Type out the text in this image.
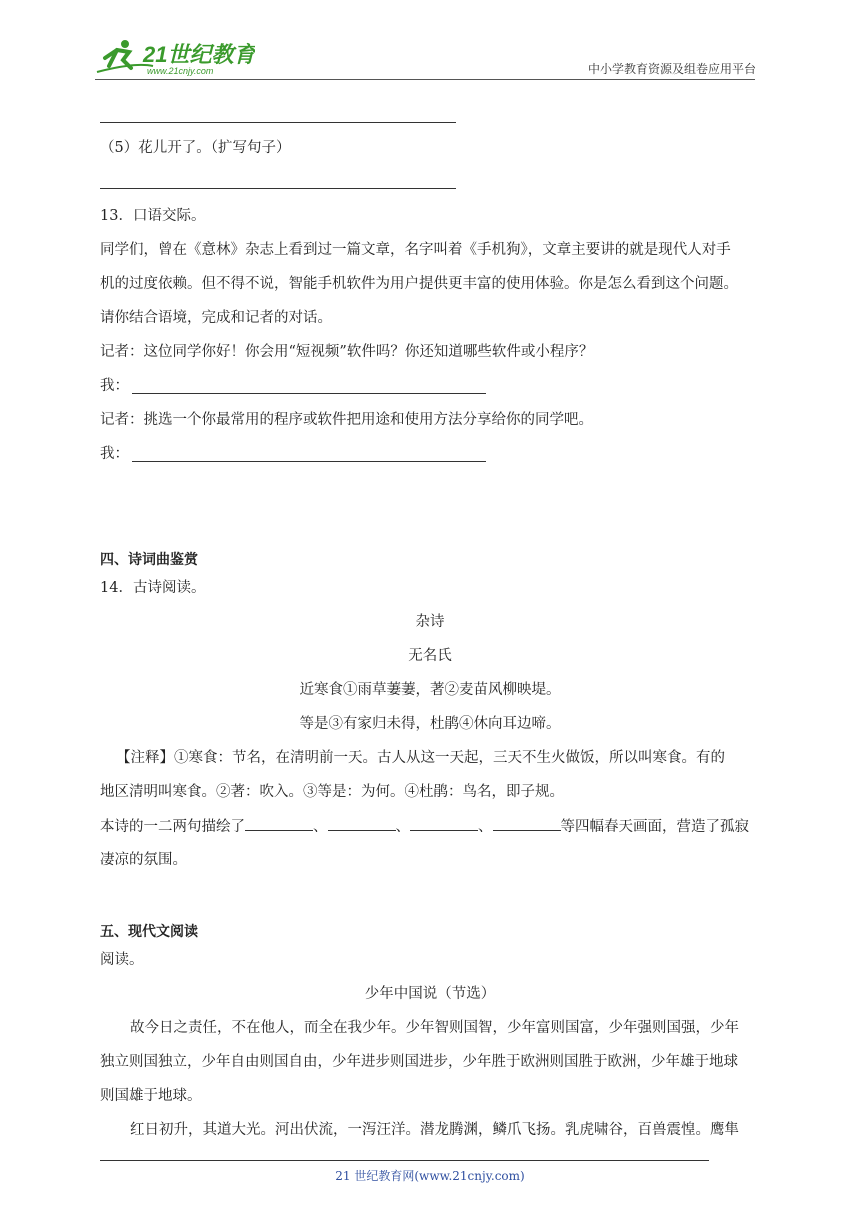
21世纪教育
www.21cnjy.com	中小学教育资源及组卷应用平台
（5）花儿开了。（扩写句子）
13．口语交际。
同学们，曾在《意林》杂志上看到过一篇文章，名字叫着《手机狗》，文章主要讲的就是现代人对手
机的过度依赖。但不得不说，智能手机软件为用户提供更丰富的使用体验。你是怎么看到这个问题。
请你结合语境，完成和记者的对话。
记者：这位同学你好！你会用“短视频”软件吗？你还知道哪些软件或小程序？
我：
记者：挑选一个你最常用的程序或软件把用途和使用方法分享给你的同学吧。
我：
四、诗词曲鉴赏
14．古诗阅读。
杂诗
无名氏
近寒食①雨草萋萋，著②麦苗风柳映堤。
等是③有家归未得，杜鹃④休向耳边啼。
【注释】①寒食：节名，在清明前一天。古人从这一天起，三天不生火做饭，所以叫寒食。有的
地区清明叫寒食。②著：吹入。③等是：为何。④杜鹃：鸟名，即子规。
本诗的一二两句描绘了	、	、	、	等四幅春天画面，营造了孤寂
凄凉的氛围。
五、现代文阅读
阅读。
少年中国说（节选）
故今日之责任，不在他人，而全在我少年。少年智则国智，少年富则国富，少年强则国强，少年
独立则国独立，少年自由则国自由，少年进步则国进步，少年胜于欧洲则国胜于欧洲，少年雄于地球
则国雄于地球。
红日初升，其道大光。河出伏流，一泻汪洋。潜龙腾渊，鳞爪飞扬。乳虎啸谷，百兽震惶。鹰隼
21 世纪教育网(www.21cnjy.com)
